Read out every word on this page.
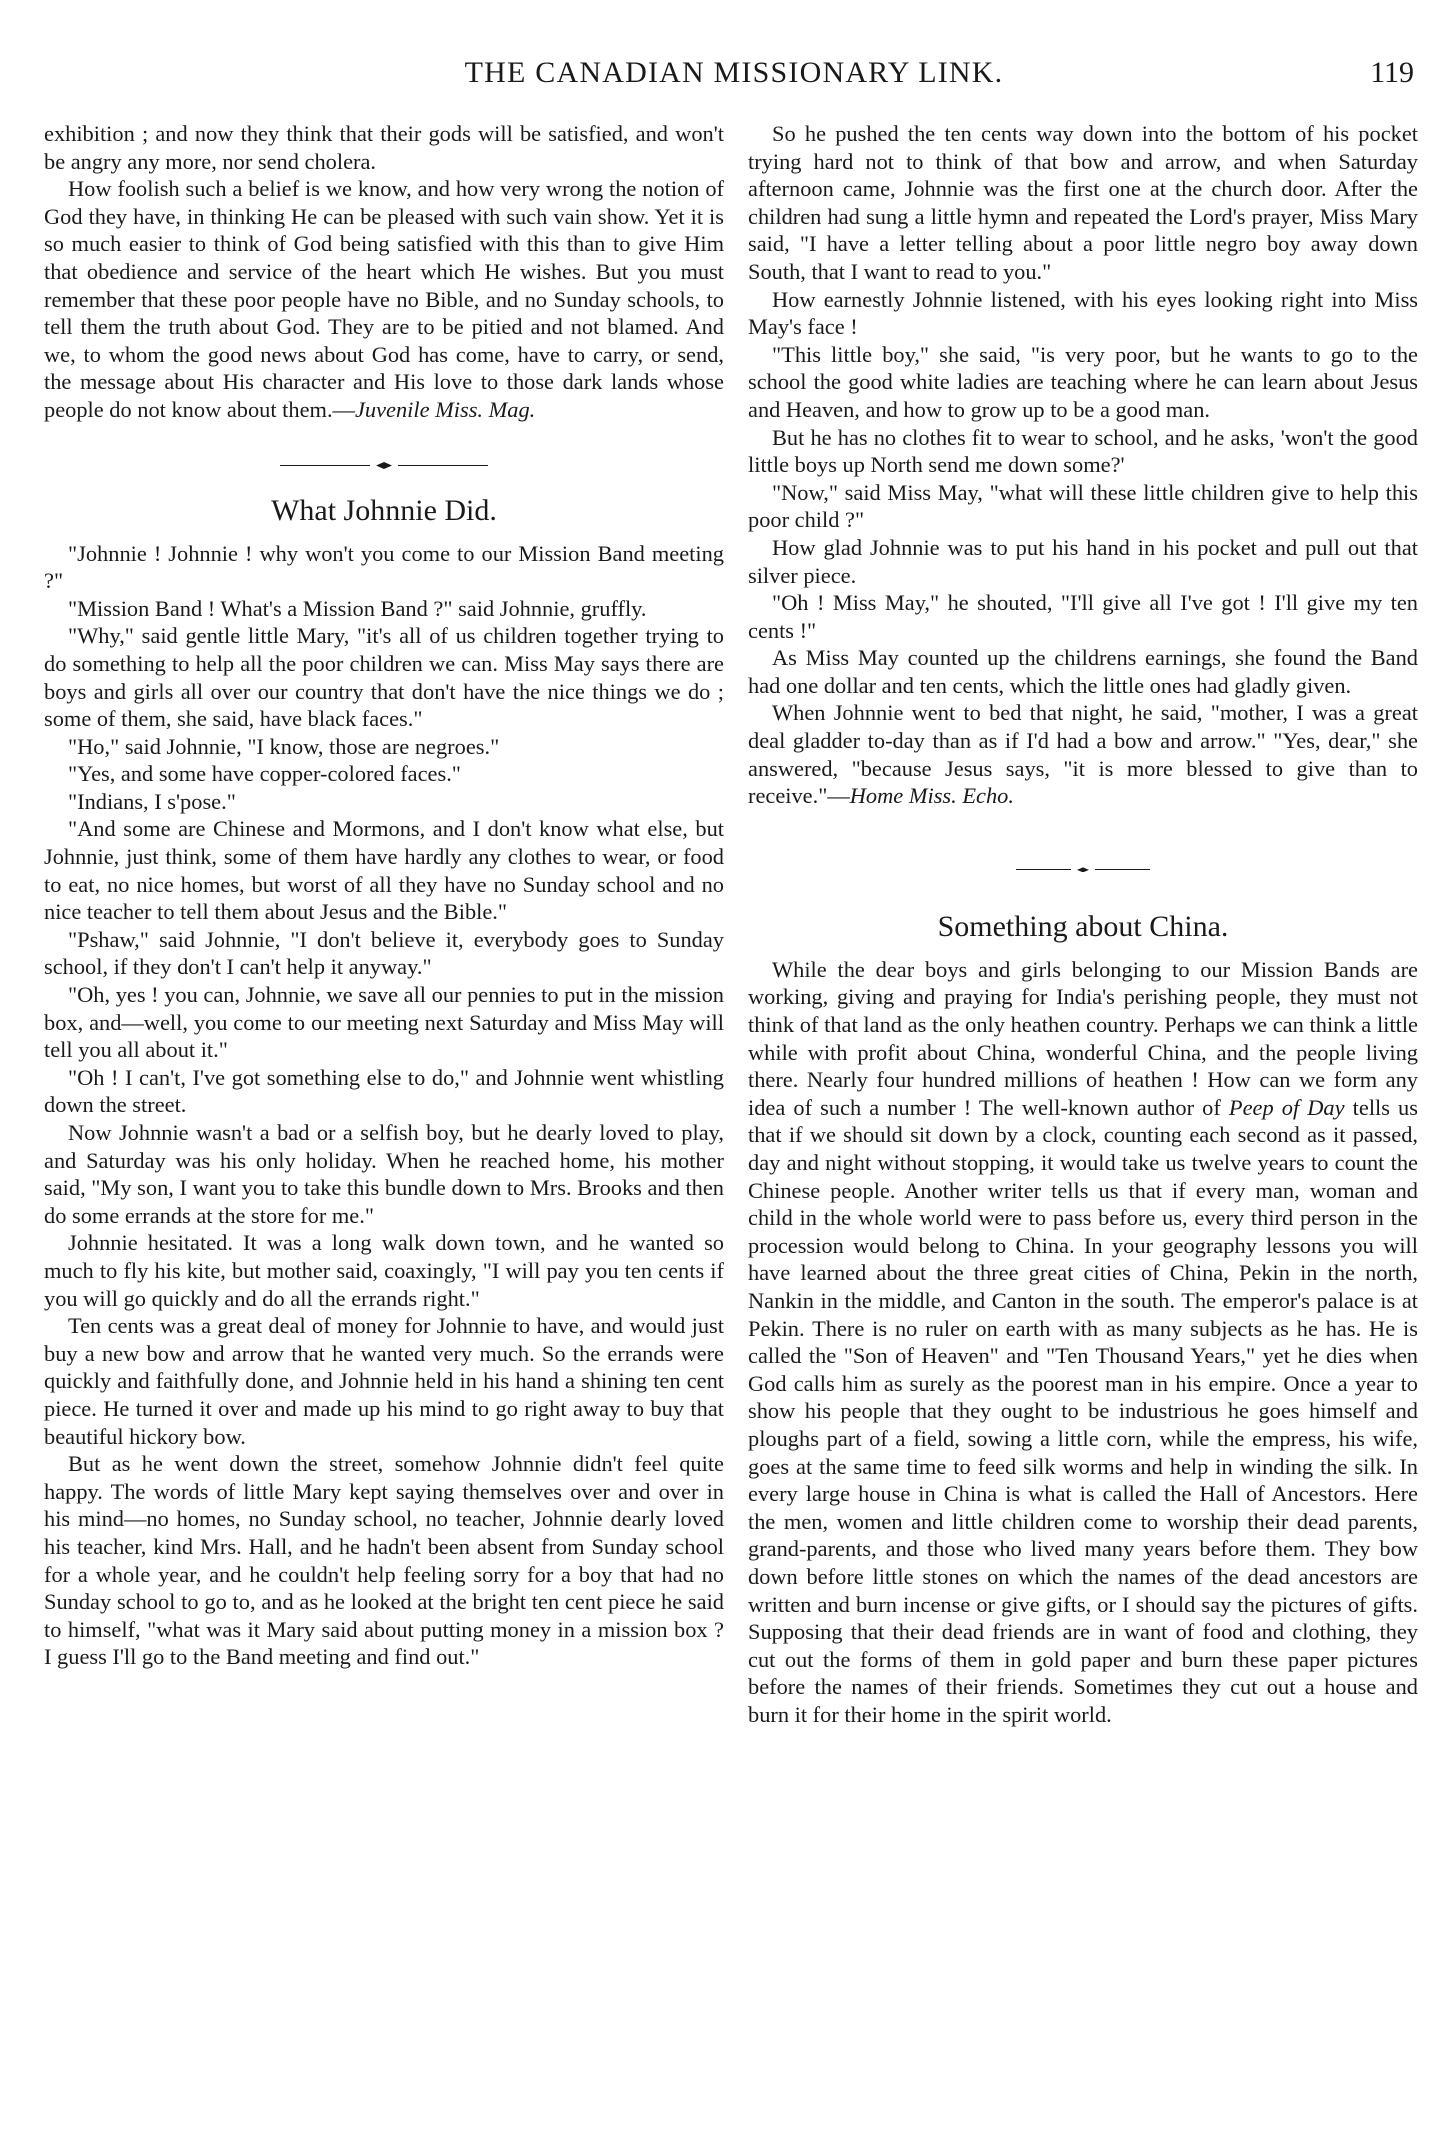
THE CANADIAN MISSIONARY LINK.	119

exhibition ; and now they think that their gods will be satisfied, and won't be angry any more, nor send cholera.

How foolish such a belief is we know, and how very wrong the notion of God they have, in thinking He can be pleased with such vain show. Yet it is so much easier to think of God being satisfied with this than to give Him that obedience and service of the heart which He wishes. But you must remember that these poor people have no Bible, and no Sunday schools, to tell them the truth about God. They are to be pitied and not blamed. And we, to whom the good news about God has come, have to carry, or send, the message about His character and His love to those dark lands whose people do not know about them.—Juvenile Miss. Mag.

What Johnnie Did.

"Johnnie ! Johnnie ! why won't you come to our Mission Band meeting ?"

"Mission Band ! What's a Mission Band ?" said Johnnie, gruffly.

"Why," said gentle little Mary, "it's all of us children together trying to do something to help all the poor children we can. Miss May says there are boys and girls all over our country that don't have the nice things we do ; some of them, she said, have black faces."

"Ho," said Johnnie, "I know, those are negroes."

"Yes, and some have copper-colored faces."

"Indians, I s'pose."

"And some are Chinese and Mormons, and I don't know what else, but Johnnie, just think, some of them have hardly any clothes to wear, or food to eat, no nice homes, but worst of all they have no Sunday school and no nice teacher to tell them about Jesus and the Bible."

"Pshaw," said Johnnie, "I don't believe it, everybody goes to Sunday school, if they don't I can't help it anyway."

"Oh, yes ! you can, Johnnie, we save all our pennies to put in the mission box, and—well, you come to our meeting next Saturday and Miss May will tell you all about it."

"Oh ! I can't, I've got something else to do," and Johnnie went whistling down the street.

Now Johnnie wasn't a bad or a selfish boy, but he dearly loved to play, and Saturday was his only holiday. When he reached home, his mother said, "My son, I want you to take this bundle down to Mrs. Brooks and then do some errands at the store for me."

Johnnie hesitated. It was a long walk down town, and he wanted so much to fly his kite, but mother said, coaxingly, "I will pay you ten cents if you will go quickly and do all the errands right."

Ten cents was a great deal of money for Johnnie to have, and would just buy a new bow and arrow that he wanted very much. So the errands were quickly and faithfully done, and Johnnie held in his hand a shining ten cent piece. He turned it over and made up his mind to go right away to buy that beautiful hickory bow.

But as he went down the street, somehow Johnnie didn't feel quite happy. The words of little Mary kept saying themselves over and over in his mind—no homes, no Sunday school, no teacher, Johnnie dearly loved his teacher, kind Mrs. Hall, and he hadn't been absent from Sunday school for a whole year, and he couldn't help feeling sorry for a boy that had no Sunday school to go to, and as he looked at the bright ten cent piece he said to himself, "what was it Mary said about putting money in a mission box ? I guess I'll go to the Band meeting and find out."

So he pushed the ten cents way down into the bottom of his pocket trying hard not to think of that bow and arrow, and when Saturday afternoon came, Johnnie was the first one at the church door. After the children had sung a little hymn and repeated the Lord's prayer, Miss Mary said, "I have a letter telling about a poor little negro boy away down South, that I want to read to you."

How earnestly Johnnie listened, with his eyes looking right into Miss May's face !

"This little boy," she said, "is very poor, but he wants to go to the school the good white ladies are teaching where he can learn about Jesus and Heaven, and how to grow up to be a good man.

But he has no clothes fit to wear to school, and he asks, 'won't the good little boys up North send me down some?'

"Now," said Miss May, "what will these little children give to help this poor child ?"

How glad Johnnie was to put his hand in his pocket and pull out that silver piece.

"Oh ! Miss May," he shouted, "I'll give all I've got ! I'll give my ten cents !"

As Miss May counted up the childrens earnings, she found the Band had one dollar and ten cents, which the little ones had gladly given.

When Johnnie went to bed that night, he said, "mother, I was a great deal gladder to-day than as if I'd had a bow and arrow." "Yes, dear," she answered, "because Jesus says, "it is more blessed to give than to receive."—Home Miss. Echo.

Something about China.

While the dear boys and girls belonging to our Mission Bands are working, giving and praying for India's perishing people, they must not think of that land as the only heathen country. Perhaps we can think a little while with profit about China, wonderful China, and the people living there. Nearly four hundred millions of heathen ! How can we form any idea of such a number ! The well-known author of Peep of Day tells us that if we should sit down by a clock, counting each second as it passed, day and night without stopping, it would take us twelve years to count the Chinese people. Another writer tells us that if every man, woman and child in the whole world were to pass before us, every third person in the procession would belong to China. In your geography lessons you will have learned about the three great cities of China, Pekin in the north, Nankin in the middle, and Canton in the south. The emperor's palace is at Pekin. There is no ruler on earth with as many subjects as he has. He is called the "Son of Heaven" and "Ten Thousand Years," yet he dies when God calls him as surely as the poorest man in his empire. Once a year to show his people that they ought to be industrious he goes himself and ploughs part of a field, sowing a little corn, while the empress, his wife, goes at the same time to feed silk worms and help in winding the silk. In every large house in China is what is called the Hall of Ancestors. Here the men, women and little children come to worship their dead parents, grand-parents, and those who lived many years before them. They bow down before little stones on which the names of the dead ancestors are written and burn incense or give gifts, or I should say the pictures of gifts. Supposing that their dead friends are in want of food and clothing, they cut out the forms of them in gold paper and burn these paper pictures before the names of their friends. Sometimes they cut out a house and burn it for their home in the spirit world.
